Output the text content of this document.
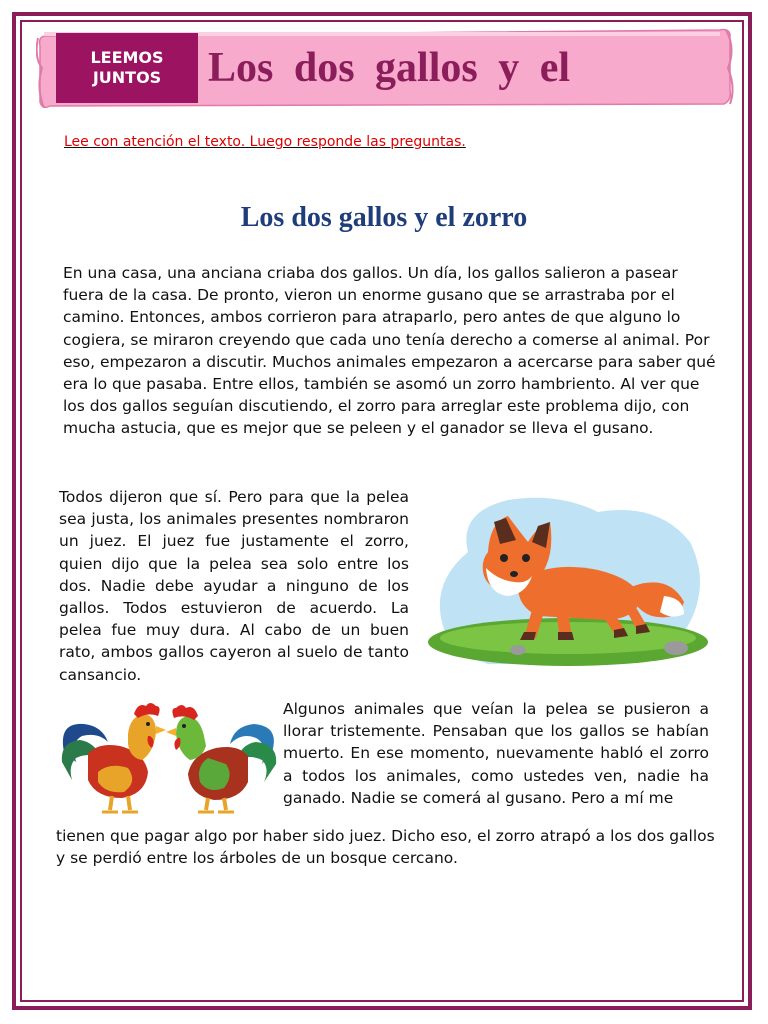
LEEMOS
JUNTOS Los dos gallos y el
Lee con atención el texto. Luego responde las preguntas.
Los dos gallos y el zorro
En una casa, una anciana criaba dos gallos. Un día, los gallos salieron a pasear fuera de la casa. De pronto, vieron un enorme gusano que se arrastraba por el camino. Entonces, ambos corrieron para atraparlo, pero antes de que alguno lo cogiera, se miraron creyendo que cada uno tenía derecho a comerse al animal. Por eso, empezaron a discutir. Muchos animales empezaron a acercarse para saber qué era lo que pasaba. Entre ellos, también se asomó un zorro hambriento. Al ver que los dos gallos seguían discutiendo, el zorro para arreglar este problema dijo, con mucha astucia, que es mejor que se peleen y el ganador se lleva el gusano.
Todos dijeron que sí. Pero para que la pelea sea justa, los animales presentes nombraron un juez. El juez fue justamente el zorro, quien dijo que la pelea sea solo entre los dos. Nadie debe ayudar a ninguno de los gallos. Todos estuvieron de acuerdo. La pelea fue muy dura. Al cabo de un buen rato, ambos gallos cayeron al suelo de tanto cansancio.
Algunos animales que veían la pelea se pusieron a llorar tristemente. Pensaban que los gallos se habían muerto. En ese momento, nuevamente habló el zorro a todos los animales, como ustedes ven, nadie ha ganado. Nadie se comerá al gusano. Pero a mí me
tienen que pagar algo por haber sido juez. Dicho eso, el zorro atrapó a los dos gallos y se perdió entre los árboles de un bosque cercano.
